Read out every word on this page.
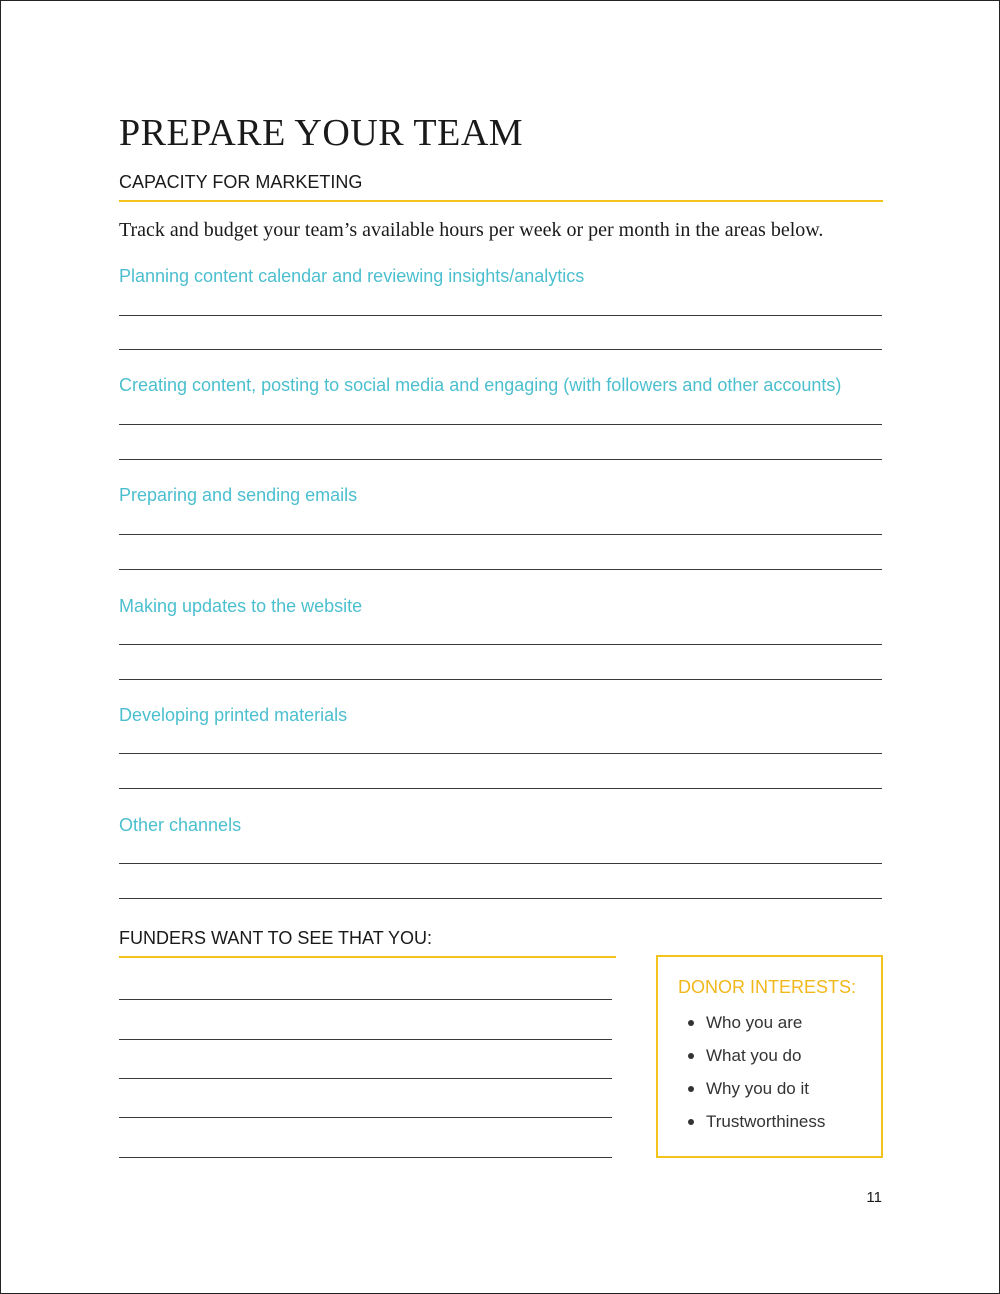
PREPARE YOUR TEAM
CAPACITY FOR MARKETING

Track and budget your team’s available hours per week or per month in the areas below.

Planning content calendar and reviewing insights/analytics

Creating content, posting to social media and engaging (with followers and other accounts)

Preparing and sending emails

Making updates to the website

Developing printed materials

Other channels

FUNDERS WANT TO SEE THAT YOU:

DONOR INTERESTS:

Who you are
What you do
Why you do it
Trustworthiness

11
